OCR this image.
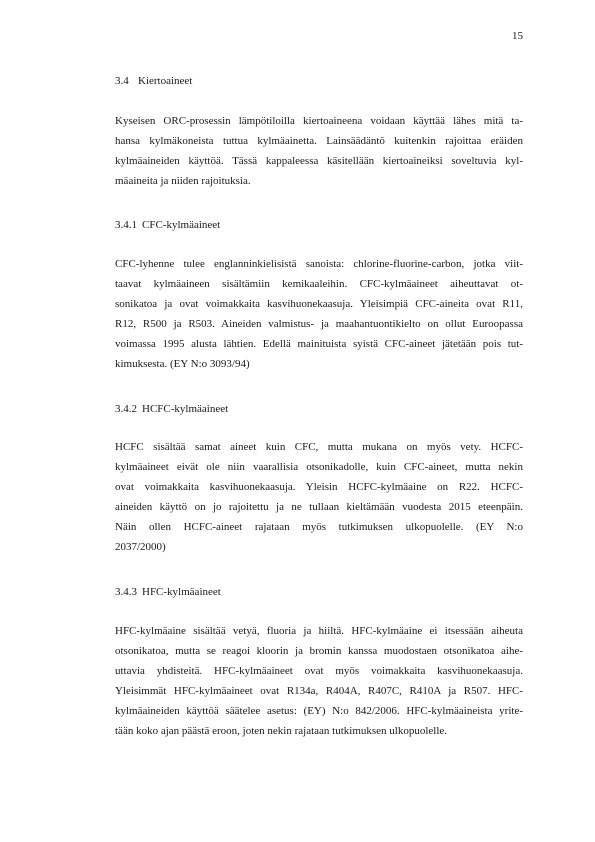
15
3.4 Kiertoaineet
Kyseisen ORC-prosessin lämpötiloilla kiertoaineena voidaan käyttää lähes mitä ta-
hansa kylmäkoneista tuttua kylmäainetta. Lainsäädäntö kuitenkin rajoittaa eräiden
kylmäaineiden käyttöä. Tässä kappaleessa käsitellään kiertoaineiksi soveltuvia kyl-
mäaineita ja niiden rajoituksia.
3.4.1 CFC-kylmäaineet
CFC-lyhenne tulee englanninkielisistä sanoista: chlorine-fluorine-carbon, jotka viit-
taavat kylmäaineen sisältämiin kemikaaleihin. CFC-kylmäaineet aiheuttavat ot-
sonikatoa ja ovat voimakkaita kasvihuonekaasuja. Yleisimpiä CFC-aineita ovat R11,
R12, R500 ja R503. Aineiden valmistus- ja maahantuontikielto on ollut Euroopassa
voimassa 1995 alusta lähtien. Edellä mainituista syistä CFC-aineet jätetään pois tut-
kimuksesta. (EY N:o 3093/94)
3.4.2 HCFC-kylmäaineet
HCFC sisältää samat aineet kuin CFC, mutta mukana on myös vety. HCFC-
kylmäaineet eivät ole niin vaarallisia otsonikadolle, kuin CFC-aineet, mutta nekin
ovat voimakkaita kasvihuonekaasuja. Yleisin HCFC-kylmäaine on R22. HCFC-
aineiden käyttö on jo rajoitettu ja ne tullaan kieltämään vuodesta 2015 eteenpäin.
Näin ollen HCFC-aineet rajataan myös tutkimuksen ulkopuolelle. (EY N:o
2037/2000)
3.4.3 HFC-kylmäaineet
HFC-kylmäaine sisältää vetyä, fluoria ja hiiltä. HFC-kylmäaine ei itsessään aiheuta
otsonikatoa, mutta se reagoi kloorin ja bromin kanssa muodostaen otsonikatoa aihe-
uttavia yhdisteitä. HFC-kylmäaineet ovat myös voimakkaita kasvihuonekaasuja.
Yleisimmät HFC-kylmäaineet ovat R134a, R404A, R407C, R410A ja R507. HFC-
kylmäaineiden käyttöä säätelee asetus: (EY) N:o 842/2006. HFC-kylmäaineista yrite-
tään koko ajan päästä eroon, joten nekin rajataan tutkimuksen ulkopuolelle.
